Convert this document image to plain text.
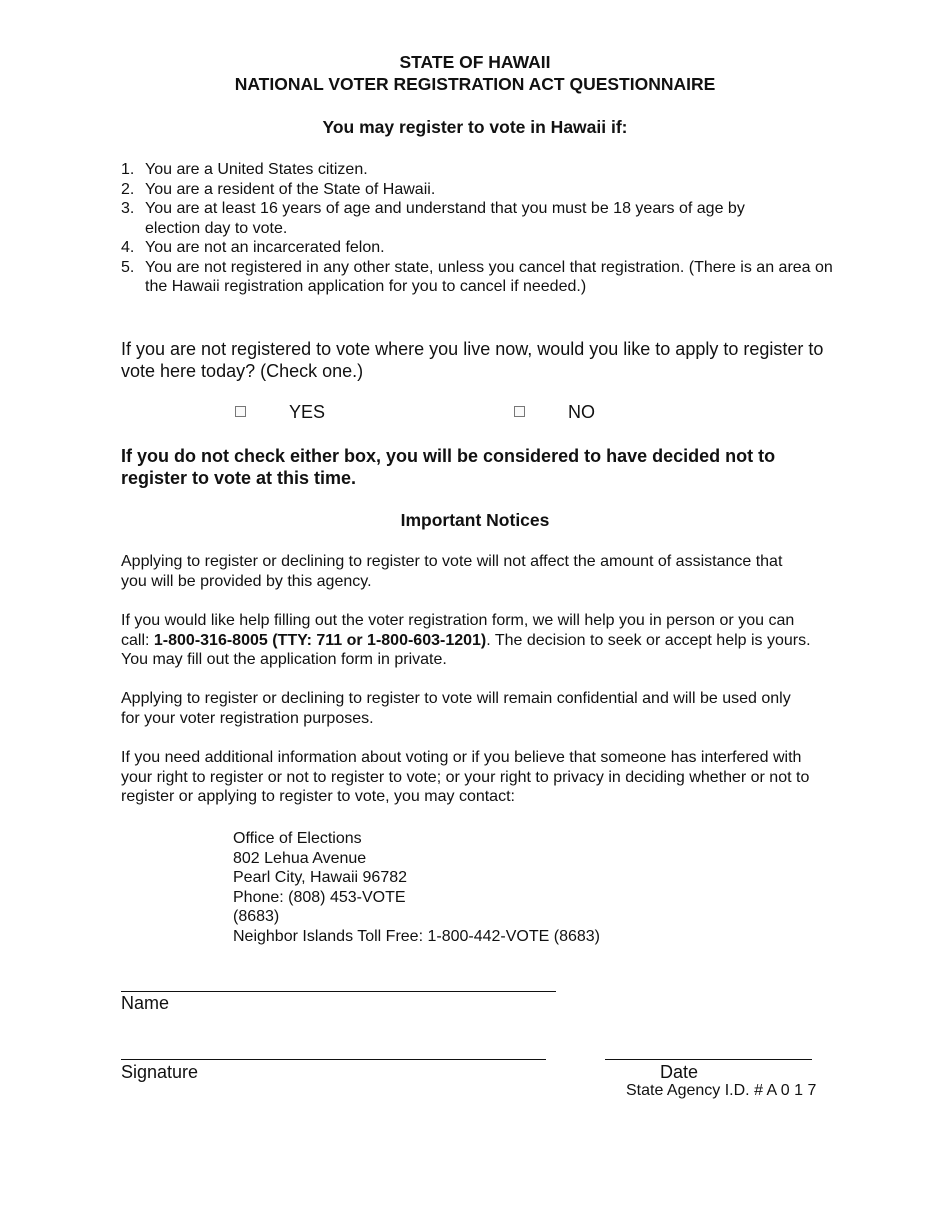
STATE OF HAWAII
NATIONAL VOTER REGISTRATION ACT QUESTIONNAIRE
You may register to vote in Hawaii if:
1. You are a United States citizen.
2. You are a resident of the State of Hawaii.
3. You are at least 16 years of age and understand that you must be 18 years of age by election day to vote.
4. You are not an incarcerated felon.
5. You are not registered in any other state, unless you cancel that registration. (There is an area on the Hawaii registration application for you to cancel if needed.)
If you are not registered to vote where you live now, would you like to apply to register to vote here today? (Check one.)
YES	NO
If you do not check either box, you will be considered to have decided not to register to vote at this time.
Important Notices
Applying to register or declining to register to vote will not affect the amount of assistance that you will be provided by this agency.
If you would like help filling out the voter registration form, we will help you in person or you can call: 1-800-316-8005 (TTY: 711 or 1-800-603-1201). The decision to seek or accept help is yours. You may fill out the application form in private.
Applying to register or declining to register to vote will remain confidential and will be used only for your voter registration purposes.
If you need additional information about voting or if you believe that someone has interfered with your right to register or not to register to vote; or your right to privacy in deciding whether or not to register or applying to register to vote, you may contact:
Office of Elections
802 Lehua Avenue
Pearl City, Hawaii 96782
Phone: (808) 453-VOTE
(8683)
Neighbor Islands Toll Free: 1-800-442-VOTE (8683)
Name
Signature	Date
State Agency I.D. # A 0 1 7
